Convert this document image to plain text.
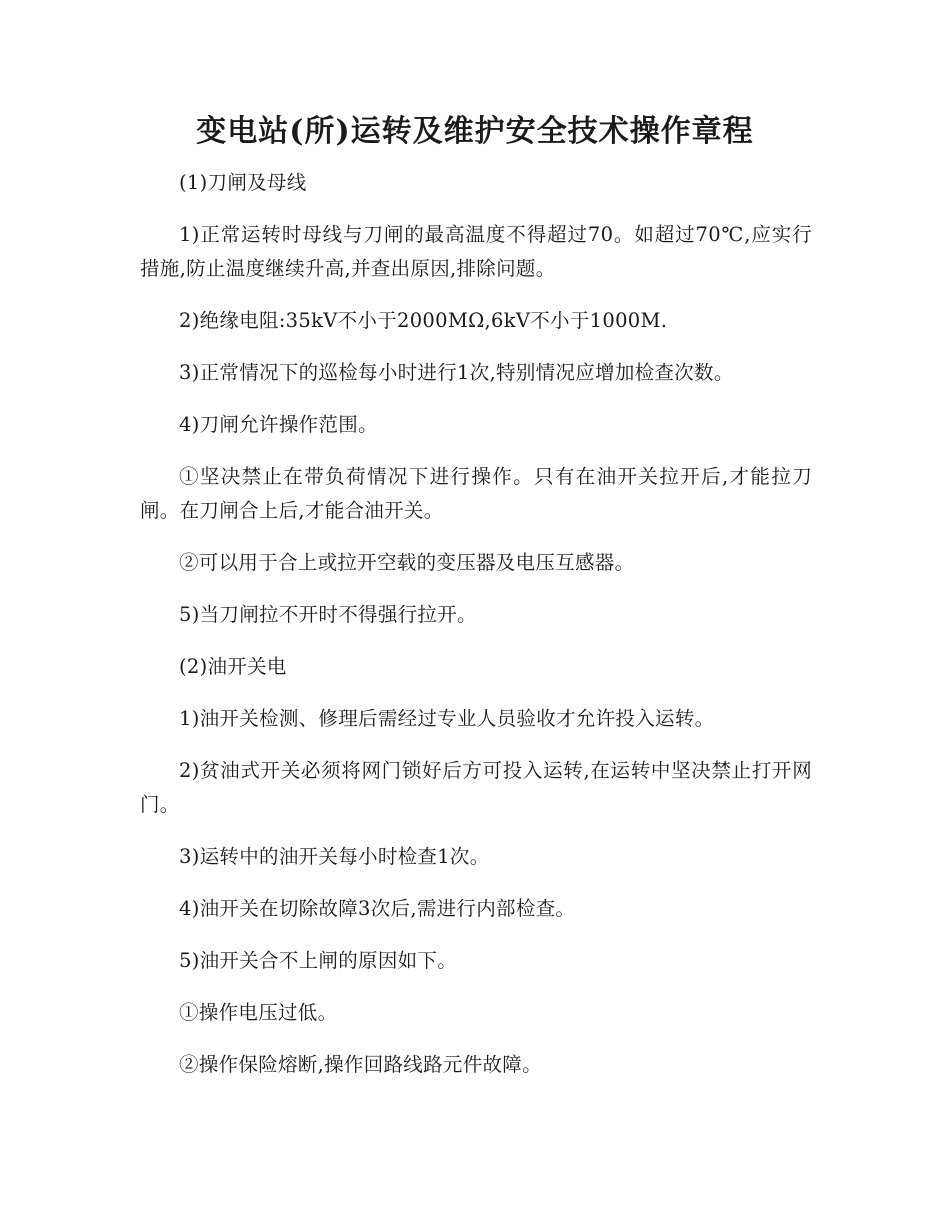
变电站(所)运转及维护安全技术操作章程

(1)刀闸及母线

1)正常运转时母线与刀闸的最高温度不得超过70。如超过70℃,应实行措施,防止温度继续升高,并查出原因,排除问题。

2)绝缘电阻:35kV不小于2000MΩ,6kV不小于1000M.

3)正常情况下的巡检每小时进行1次,特别情况应增加检查次数。

4)刀闸允许操作范围。

①坚决禁止在带负荷情况下进行操作。只有在油开关拉开后,才能拉刀闸。在刀闸合上后,才能合油开关。

②可以用于合上或拉开空载的变压器及电压互感器。

5)当刀闸拉不开时不得强行拉开。

(2)油开关电

1)油开关检测、修理后需经过专业人员验收才允许投入运转。

2)贫油式开关必须将网门锁好后方可投入运转,在运转中坚决禁止打开网门。

3)运转中的油开关每小时检查1次。

4)油开关在切除故障3次后,需进行内部检查。

5)油开关合不上闸的原因如下。

①操作电压过低。

②操作保险熔断,操作回路线路元件故障。
